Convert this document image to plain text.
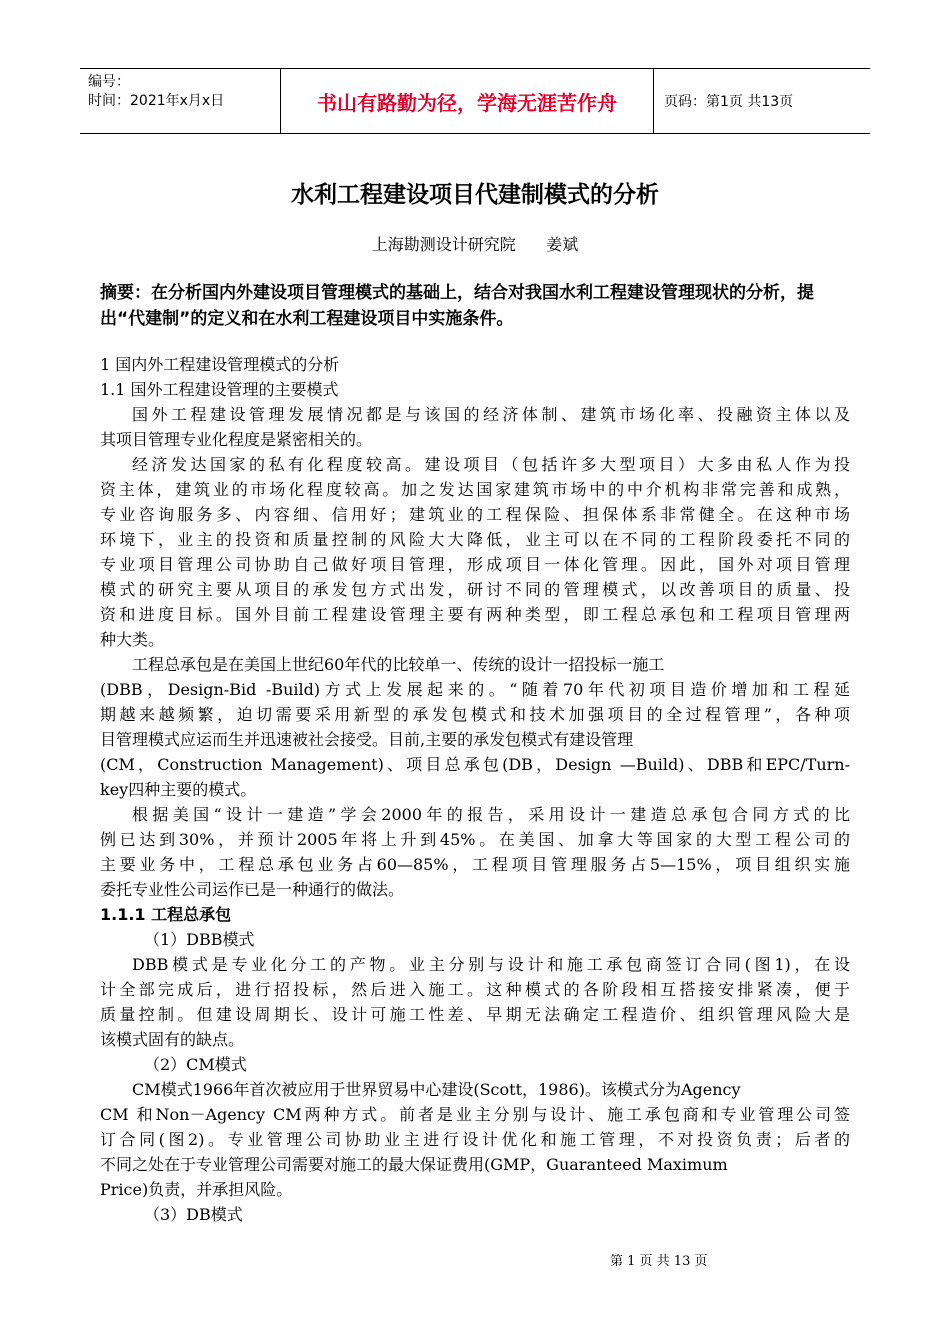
编号：
时间：2021年x月x日	书山有路勤为径，学海无涯苦作舟	页码：第1页 共13页
水利工程建设项目代建制模式的分析
上海勘测设计研究院      姜斌
摘要：在分析国内外建设项目管理模式的基础上，结合对我国水利工程建设管理现状的分析，提出“代建制”的定义和在水利工程建设项目中实施条件。
1 国内外工程建设管理模式的分析
1.1 国外工程建设管理的主要模式
国外工程建设管理发展情况都是与该国的经济体制、建筑市场化率、投融资主体以及
其项目管理专业化程度是紧密相关的。
经济发达国家的私有化程度较高。建设项目（包括许多大型项目）大多由私人作为投
资主体，建筑业的市场化程度较高。加之发达国家建筑市场中的中介机构非常完善和成熟，
专业咨询服务多、内容细、信用好；建筑业的工程保险、担保体系非常健全。在这种市场
环境下，业主的投资和质量控制的风险大大降低，业主可以在不同的工程阶段委托不同的
专业项目管理公司协助自己做好项目管理，形成项目一体化管理。因此，国外对项目管理
模式的研究主要从项目的承发包方式出发，研讨不同的管理模式，以改善项目的质量、投
资和进度目标。国外目前工程建设管理主要有两种类型，即工程总承包和工程项目管理两
种大类。
工程总承包是在美国上世纪60年代的比较单一、传统的设计一招投标一施工
(DBB，Design-Bid -Build)方式上发展起来的。“随着70年代初项目造价增加和工程延
期越来越频繁，迫切需要采用新型的承发包模式和技术加强项目的全过程管理”，各种项
目管理模式应运而生并迅速被社会接受。目前,主要的承发包模式有建设管理
(CM，Construction Management)、项目总承包(DB，Design —Build)、DBB和EPC/Turn-
key四种主要的模式。
根据美国“设计一建造”学会2000年的报告，采用设计一建造总承包合同方式的比
例已达到30%，并预计2005年将上升到45%。在美国、加拿大等国家的大型工程公司的
主要业务中，工程总承包业务占60—85%，工程项目管理服务占5—15%，项目组织实施
委托专业性公司运作已是一种通行的做法。
1.1.1 工程总承包
（1）DBB模式
DBB模式是专业化分工的产物。业主分别与设计和施工承包商签订合同(图1)，在设
计全部完成后，进行招投标，然后进入施工。这种模式的各阶段相互搭接安排紧凑，便于
质量控制。但建设周期长、设计可施工性差、早期无法确定工程造价、组织管理风险大是
该模式固有的缺点。
（2）CM模式
CM模式1966年首次被应用于世界贸易中心建设(Scott，1986)。该模式分为Agency
CM 和Non－Agency CM两种方式。前者是业主分别与设计、施工承包商和专业管理公司签
订合同(图2)。专业管理公司协助业主进行设计优化和施工管理，不对投资负责；后者的
不同之处在于专业管理公司需要对施工的最大保证费用(GMP，Guaranteed Maximum
Price)负责，并承担风险。
（3）DB模式
第 1 页 共 13 页
